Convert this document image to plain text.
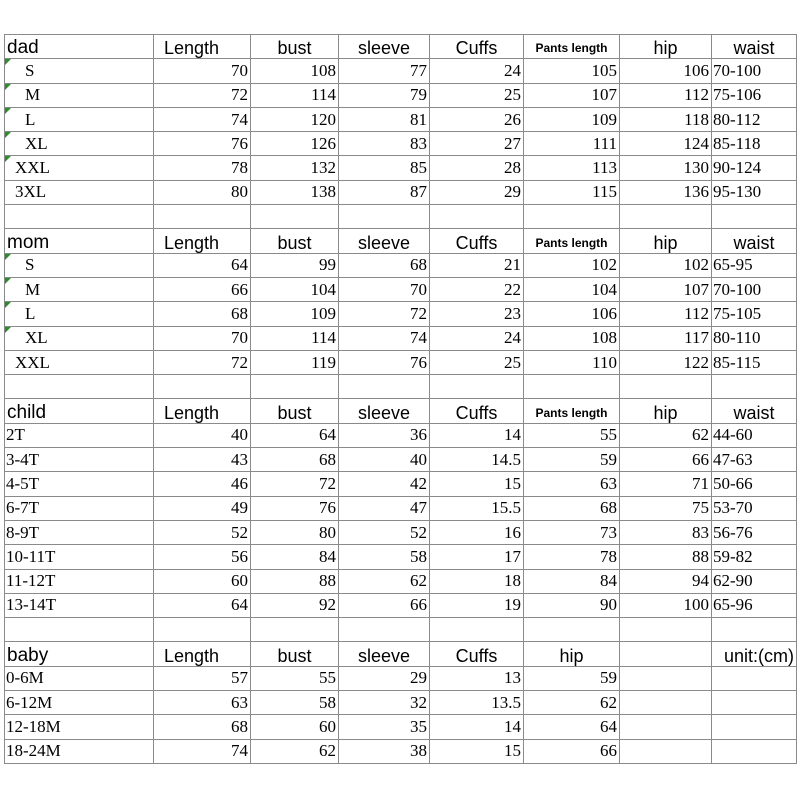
dad	Length	bust	sleeve	Cuffs	Pants length	hip	waist
S	70	108	77	24	105	106	70-100
M	72	114	79	25	107	112	75-106
L	74	120	81	26	109	118	80-112
XL	76	126	83	27	111	124	85-118
XXL	78	132	85	28	113	130	90-124
3XL	80	138	87	29	115	136	95-130

mom	Length	bust	sleeve	Cuffs	Pants length	hip	waist
S	64	99	68	21	102	102	65-95
M	66	104	70	22	104	107	70-100
L	68	109	72	23	106	112	75-105
XL	70	114	74	24	108	117	80-110
XXL	72	119	76	25	110	122	85-115

child	Length	bust	sleeve	Cuffs	Pants length	hip	waist
2T	40	64	36	14	55	62	44-60
3-4T	43	68	40	14.5	59	66	47-63
4-5T	46	72	42	15	63	71	50-66
6-7T	49	76	47	15.5	68	75	53-70
8-9T	52	80	52	16	73	83	56-76
10-11T	56	84	58	17	78	88	59-82
11-12T	60	88	62	18	84	94	62-90
13-14T	64	92	66	19	90	100	65-96

baby	Length	bust	sleeve	Cuffs	hip		unit:(cm)
0-6M	57	55	29	13	59		
6-12M	63	58	32	13.5	62		
12-18M	68	60	35	14	64		
18-24M	74	62	38	15	66		
